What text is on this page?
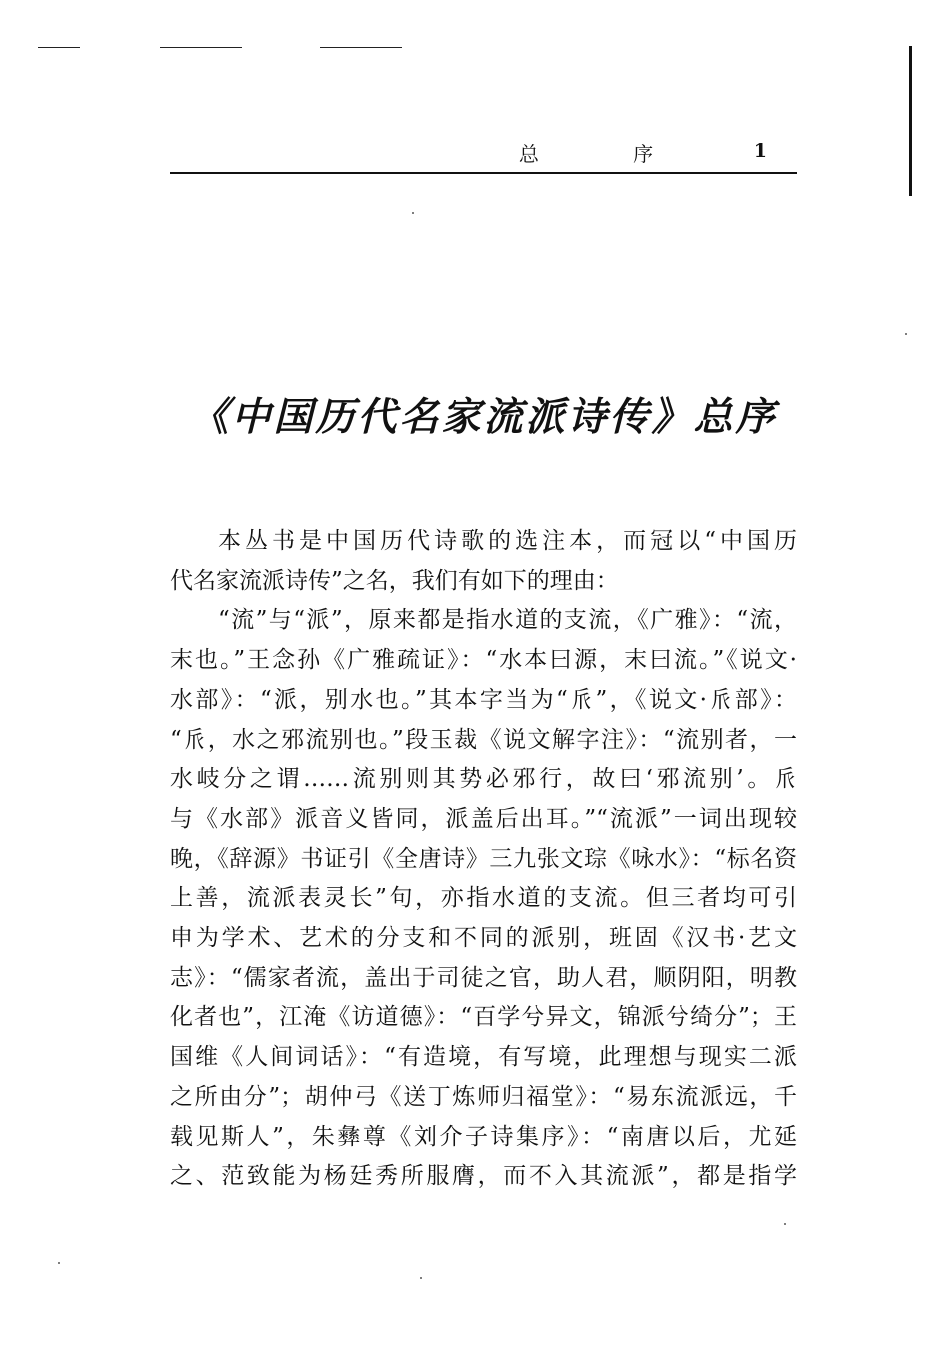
总 序	1
《中国历代名家流派诗传》总序
本丛书是中国历代诗歌的选注本，而冠以“中国历
代名家流派诗传”之名，我们有如下的理由：
“流”与“派”，原来都是指水道的支流，《广雅》：“流，
末也。”王念孙《广雅疏证》：“水本曰源，末曰流。”《说文·
水部》：“派，别水也。”其本字当为“𠂢”，《说文·𠂢部》：
“𠂢，水之邪流别也。”段玉裁《说文解字注》：“流别者，一
水岐分之谓……流别则其势必邪行，故曰‘邪流别’。𠂢
与《水部》派音义皆同，派盖后出耳。”“流派”一词出现较
晚，《辞源》书证引《全唐诗》三九张文琮《咏水》：“标名资
上善，流派表灵长”句，亦指水道的支流。但三者均可引
申为学术、艺术的分支和不同的派别，班固《汉书·艺文
志》：“儒家者流，盖出于司徒之官，助人君，顺阴阳，明教
化者也”，江淹《访道德》：“百学兮异文，锦派兮绮分”；王
国维《人间词话》：“有造境，有写境，此理想与现实二派
之所由分”；胡仲弓《送丁炼师归福堂》：“易东流派远，千
载见斯人”，朱彝尊《刘介子诗集序》：“南唐以后，尤延
之、范致能为杨廷秀所服膺，而不入其流派”，都是指学
